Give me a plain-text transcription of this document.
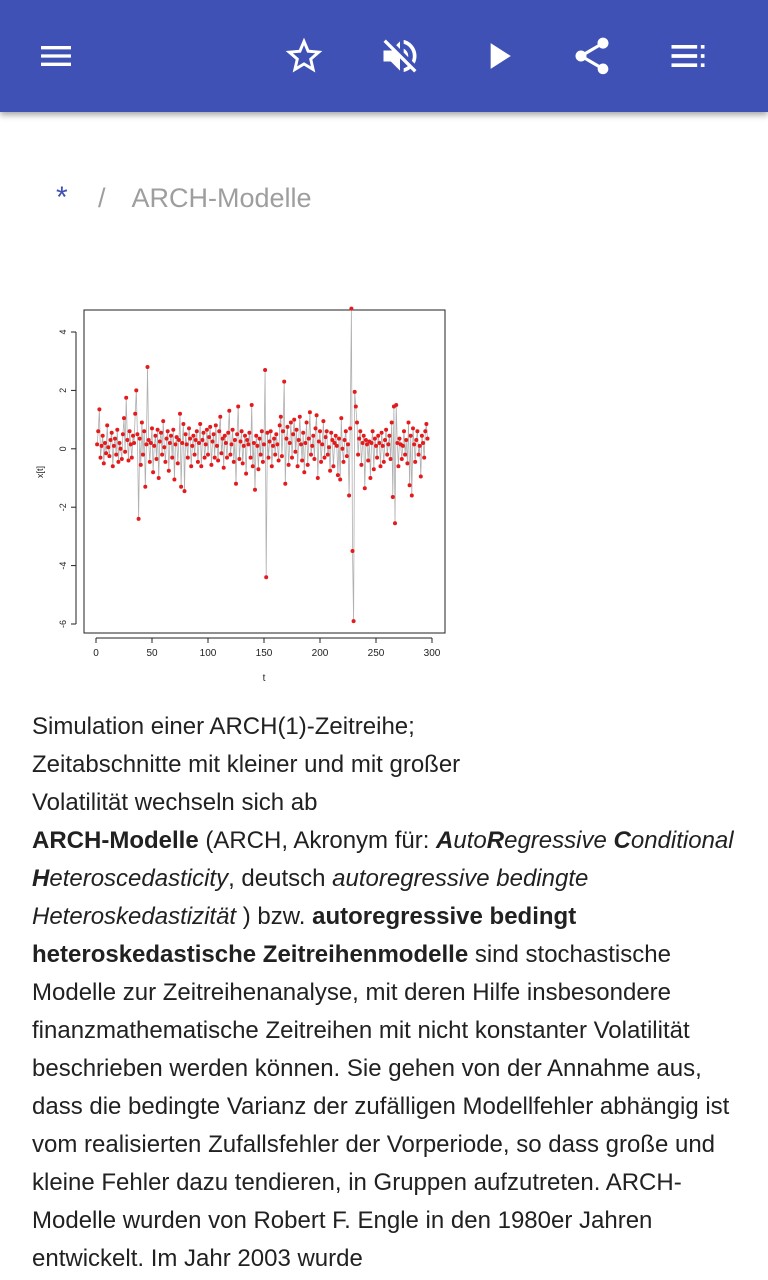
* / ARCH-Modelle
0	50	100	150	200	250	300
-6
-4
-2
0
2
4
t
x[t]
Simulation einer ARCH(1)-Zeitreihe; Zeitabschnitte mit kleiner und mit großer Volatilität wechseln sich ab
ARCH-Modelle (ARCH, Akronym für: AutoRegressive Conditional Heteroscedasticity, deutsch autoregressive bedingte Heteroskedastizität ) bzw. autoregressive bedingt heteroskedastische Zeitreihenmodelle sind stochastische Modelle zur Zeitreihenanalyse, mit deren Hilfe insbesondere finanzmathematische Zeitreihen mit nicht konstanter Volatilität beschrieben werden können. Sie gehen von der Annahme aus, dass die bedingte Varianz der zufälligen Modellfehler abhängig ist vom realisierten Zufallsfehler der Vorperiode, so dass große und kleine Fehler dazu tendieren, in Gruppen aufzutreten. ARCH-Modelle wurden von Robert F. Engle in den 1980er Jahren entwickelt. Im Jahr 2003 wurde
